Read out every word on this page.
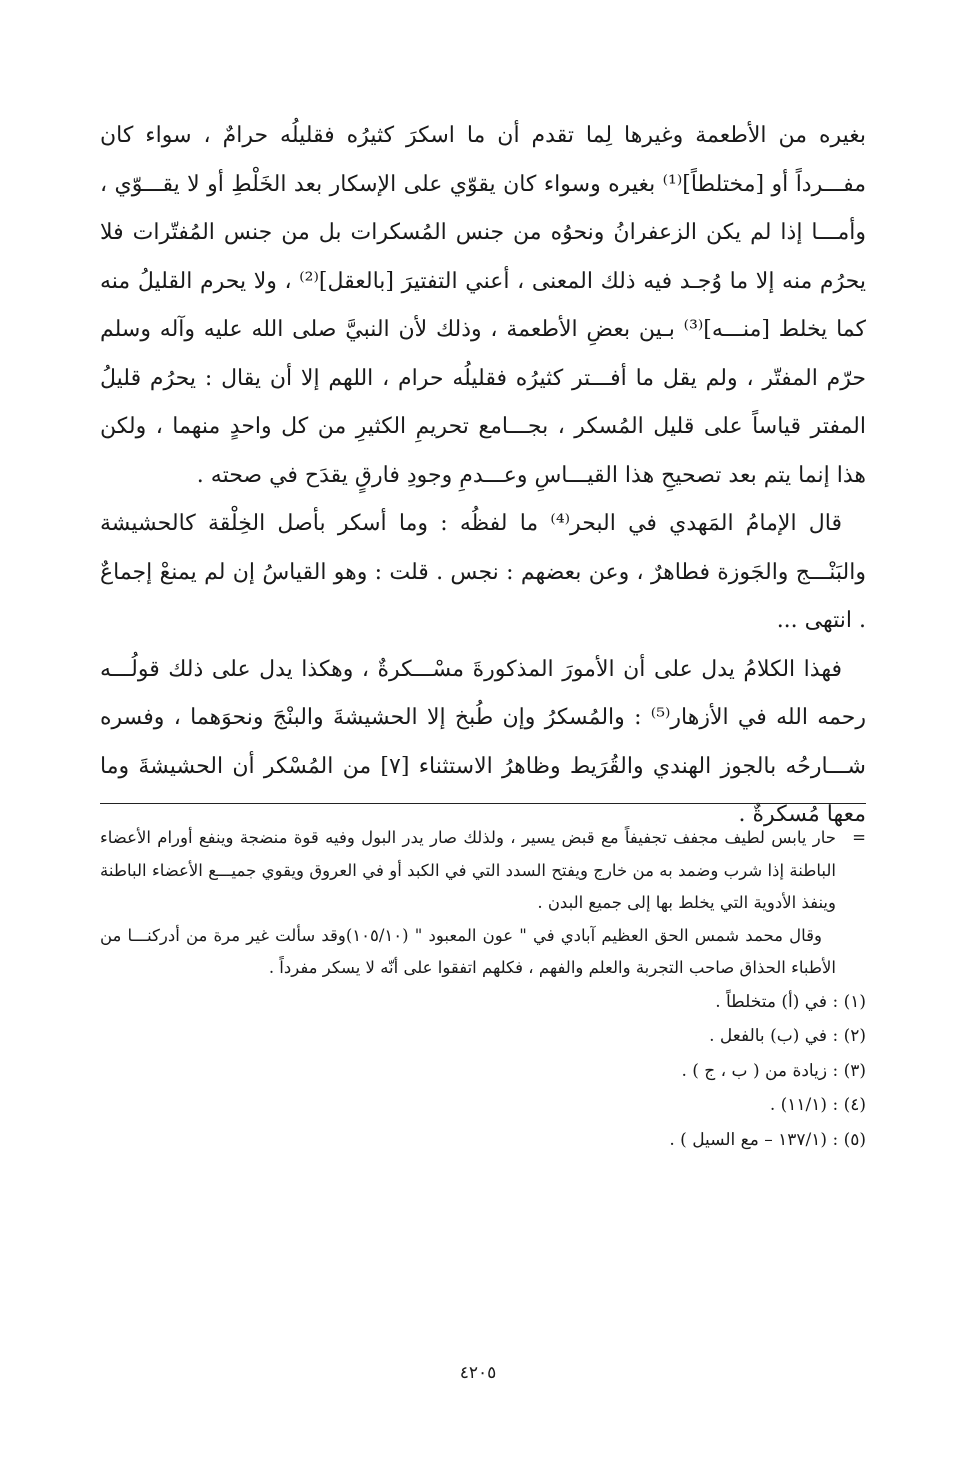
بغيره من الأطعمة وغيرها لِما تقدم أن ما اسكرَ كثيرُه فقليلُه حرامٌ ، سواء كان مفـــرداً أو [مختلطاً]⁽¹⁾ بغيره وسواء كان يقوّي على الإسكار بعد الخَلْطِ أو لا يقـــوّي ، وأمـــا إذا لم يكن الزعفرانُ ونحوُه من جنس المُسكرات بل من جنس المُفتّرات فلا يحرُم منه إلا ما وُجـد فيه ذلك المعنى ، أعني التفتيرَ [بالعقل]⁽²⁾ ، ولا يحرم القليلُ منه كما يخلط [منـــه]⁽³⁾ بـين بعضِ الأطعمة ، وذلك لأن النبيَّ صلى الله عليه وآله وسلم حرّم المفتّر ، ولم يقل ما أفـــتر كثيرُه فقليلُه حرام ، اللهم إلا أن يقال : يحرُم قليلُ المفتر قياساً على قليل المُسكر ، بجـــامع تحريمِ الكثيرِ من كل واحدٍ منهما ، ولكن هذا إنما يتم بعد تصحيحِ هذا القيـــاسِ وعـــدمِ وجودِ فارقٍ يقدَح في صحته .

قال الإمامُ المَهدي في البحر⁽⁴⁾ ما لفظُه : وما أسكر بأصل الخِلْقة كالحشيشة والبَنْـــج والجَوزة فطاهرٌ ، وعن بعضهم : نجس . قلت : وهو القياسُ إن لم يمنعْ إجماعٌ . انتهى ...

فهذا الكلامُ يدل على أن الأمورَ المذكورةَ مسْـــكرةٌ ، وهكذا يدل على ذلك قولُـــه رحمه الله في الأزهار⁽⁵⁾ : والمُسكرُ وإن طُبخ إلا الحشيشةَ والبنْجَ ونحوَهما ، وفسره شـــارحُه بالجوز الهندي والقُرَيط وظاهرُ الاستثناء [٧] من المُسْكر أن الحشيشةَ وما معها مُسكرةٌ .

=
حار يابس لطيف مجفف تجفيفاً مع قبض يسير ، ولذلك صار يدر البول وفيه قوة منضجة وينفع أورام الأعضاء الباطنة إذا شرب وضمد به من خارج ويفتح السدد التي في الكبد أو في العروق ويقوي جميـــع الأعضاء الباطنة وينفذ الأدوية التي يخلط بها إلى جميع البدن .

وقال محمد شمس الحق العظيم آبادي في " عون المعبود " (١٠٥/١٠)وقد سألت غير مرة من أدركنـــا من الأطباء الحذاق صاحب التجربة والعلم والفهم ، فكلهم اتفقوا على أنّه لا يسكر مفرداً .

(١) : في (أ) متخلطاً .
(٢) : في (ب) بالفعل .
(٣) : زيادة من ( ب ، ج ) .
(٤) : (١١/١) .
(٥) : (١٣٧/١ – مع السيل ) .
٤٢٠٥
